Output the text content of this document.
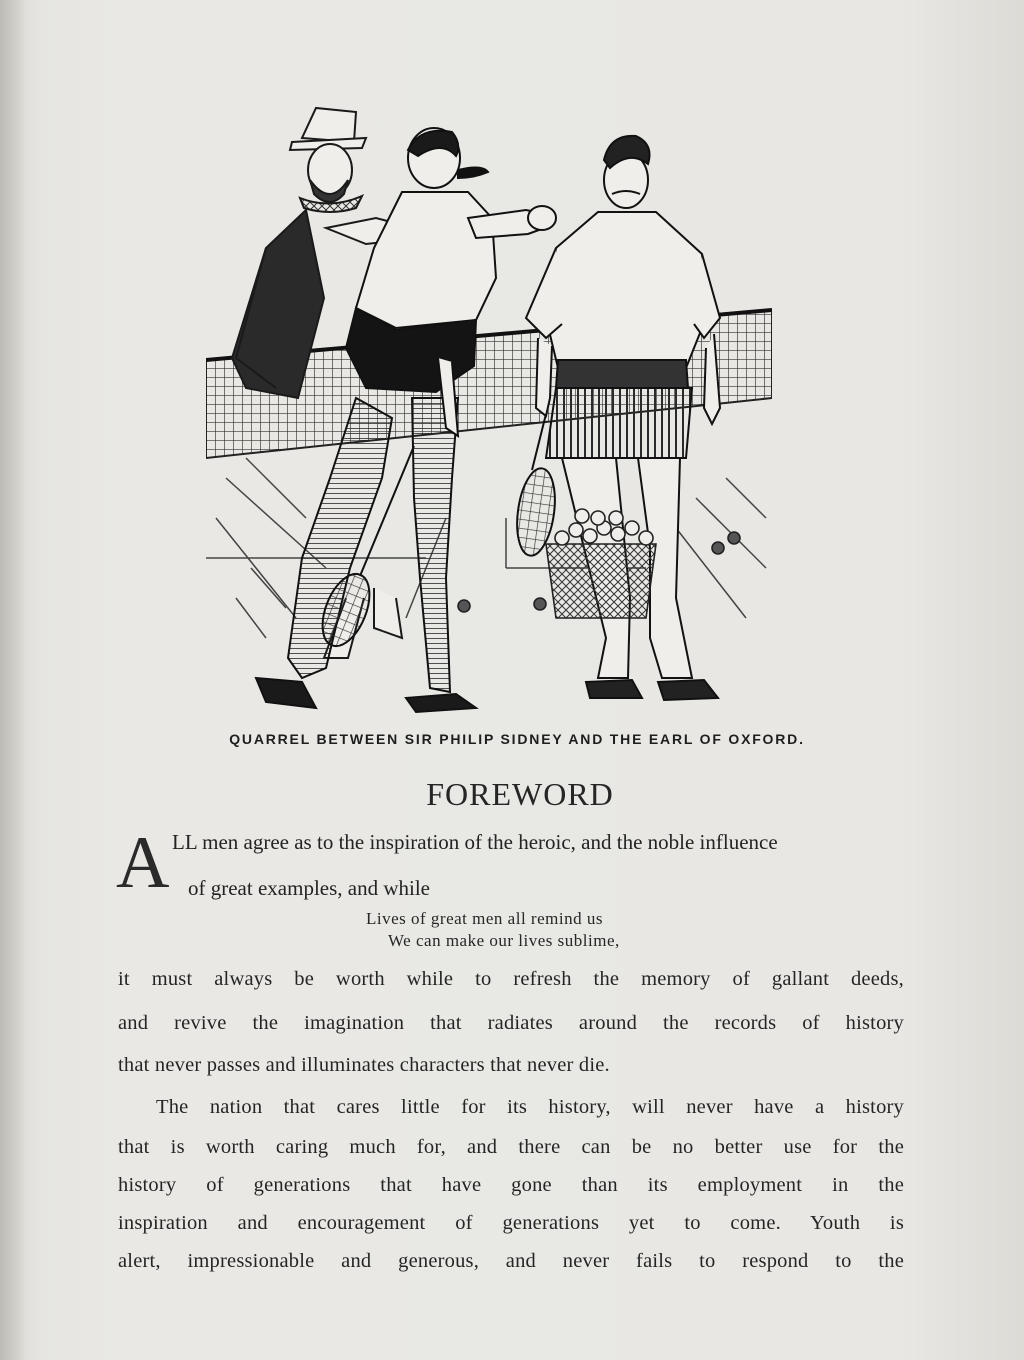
QUARREL BETWEEN SIR PHILIP SIDNEY AND THE EARL OF OXFORD.
FOREWORD
A LL men agree as to the inspiration of the heroic, and the noble influence
of great examples, and while
Lives of great men all remind us
We can make our lives sublime,
it must always be worth while to refresh the memory of gallant deeds,
and revive the imagination that radiates around the records of history
that never passes and illuminates characters that never die.
The nation that cares little for its history, will never have a history
that is worth caring much for, and there can be no better use for the
history of generations that have gone than its employment in the
inspiration and encouragement of generations yet to come. Youth is
alert, impressionable and generous, and never fails to respond to the
